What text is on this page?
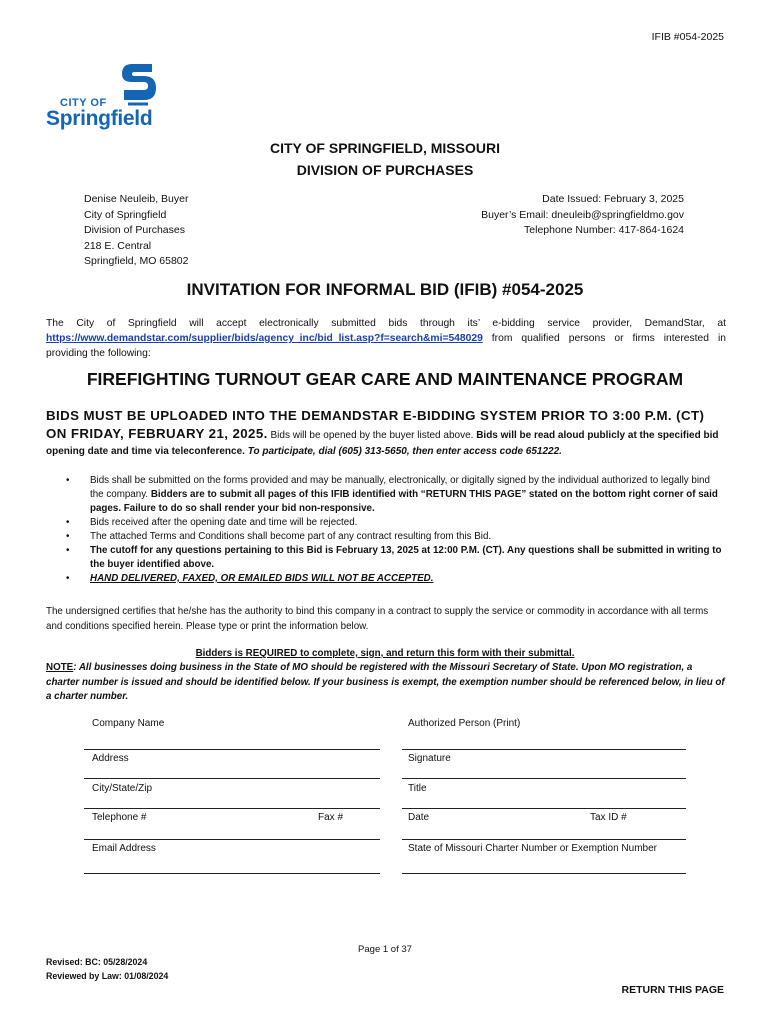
IFIB #054-2025
CITY OF
Springfield
CITY OF SPRINGFIELD, MISSOURI
DIVISION OF PURCHASES
Denise Neuleib, Buyer
City of Springfield
Division of Purchases
218 E. Central
Springfield, MO 65802
Date Issued: February 3, 2025
Buyer’s Email: dneuleib@springfieldmo.gov
Telephone Number: 417-864-1624
INVITATION FOR INFORMAL BID (IFIB) #054-2025
The City of Springfield will accept electronically submitted bids through its’ e-bidding service provider, DemandStar, at https://www.demandstar.com/supplier/bids/agency_inc/bid_list.asp?f=search&mi=548029 from qualified persons or firms interested in providing the following:
FIREFIGHTING TURNOUT GEAR CARE AND MAINTENANCE PROGRAM
BIDS MUST BE UPLOADED INTO THE DEMANDSTAR E-BIDDING SYSTEM PRIOR TO 3:00 P.M. (CT) ON FRIDAY, FEBRUARY 21, 2025. Bids will be opened by the buyer listed above. Bids will be read aloud publicly at the specified bid opening date and time via teleconference. To participate, dial (605) 313-5650, then enter access code 651222.
• Bids shall be submitted on the forms provided and may be manually, electronically, or digitally signed by the individual authorized to legally bind the company. Bidders are to submit all pages of this IFIB identified with “RETURN THIS PAGE” stated on the bottom right corner of said pages. Failure to do so shall render your bid non-responsive.
• Bids received after the opening date and time will be rejected.
• The attached Terms and Conditions shall become part of any contract resulting from this Bid.
• The cutoff for any questions pertaining to this Bid is February 13, 2025 at 12:00 P.M. (CT). Any questions shall be submitted in writing to the buyer identified above.
• HAND DELIVERED, FAXED, OR EMAILED BIDS WILL NOT BE ACCEPTED.
The undersigned certifies that he/she has the authority to bind this company in a contract to supply the service or commodity in accordance with all terms and conditions specified herein. Please type or print the information below.
Bidders is REQUIRED to complete, sign, and return this form with their submittal.
NOTE: All businesses doing business in the State of MO should be registered with the Missouri Secretary of State. Upon MO registration, a charter number is issued and should be identified below. If your business is exempt, the exemption number should be referenced below, in lieu of a charter number.
Company Name	Authorized Person (Print)
Address	Signature
City/State/Zip	Title
Telephone #	Fax #	Date	Tax ID #
Email Address	State of Missouri Charter Number or Exemption Number
Page 1 of 37
Revised: BC: 05/28/2024
Reviewed by Law: 01/08/2024
RETURN THIS PAGE
